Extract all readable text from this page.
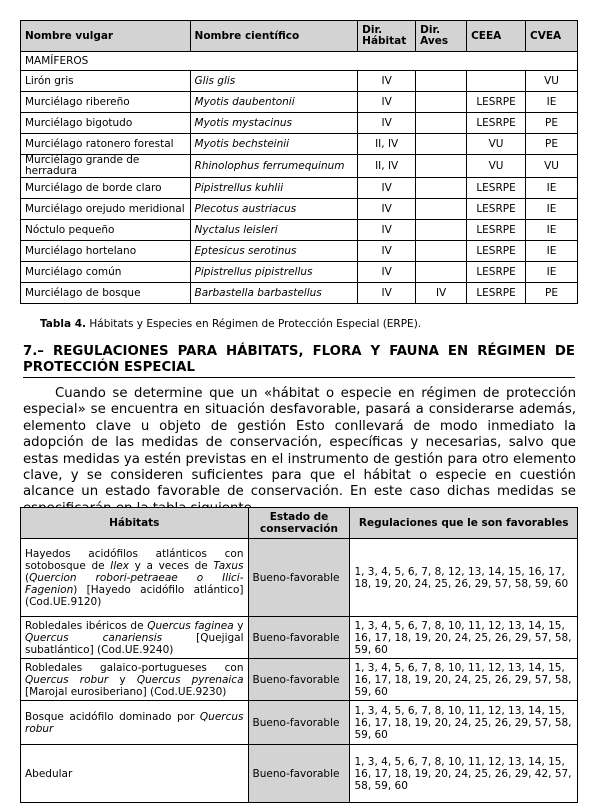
Nombre vulgar	Nombre científico	Dir. Hábitat	Dir. Aves	CEEA	CVEA
MAMÍFEROS					
Lirón gris	Glis glis	IV			VU
Murciélago ribereño	Myotis daubentonii	IV		LESRPE	IE
Murciélago bigotudo	Myotis mystacinus	IV		LESRPE	PE
Murciélago ratonero forestal	Myotis bechsteinii	II, IV		VU	PE
Murciélago grande de herradura	Rhinolophus ferrumequinum	II, IV		VU	VU
Murciélago de borde claro	Pipistrellus kuhlii	IV		LESRPE	IE
Murciélago orejudo meridional	Plecotus austriacus	IV		LESRPE	IE
Nóctulo pequeño	Nyctalus leisleri	IV		LESRPE	IE
Murciélago hortelano	Eptesicus serotinus	IV		LESRPE	IE
Murciélago común	Pipistrellus pipistrellus	IV		LESRPE	IE
Murciélago de bosque	Barbastella barbastellus	IV	IV	LESRPE	PE
Tabla 4. Hábitats y Especies en Régimen de Protección Especial (ERPE).
7.– REGULACIONES PARA HÁBITATS, FLORA Y FAUNA EN RÉGIMEN DE PROTECCIÓN ESPECIAL
Cuando se determine que un «hábitat o especie en régimen de protección especial» se encuentra en situación desfavorable, pasará a considerarse además, elemento clave u objeto de gestión Esto conllevará de modo inmediato la adopción de las medidas de conservación, específicas y necesarias, salvo que estas medidas ya estén previstas en el instrumento de gestión para otro elemento clave, y se consideren suficientes para que el hábitat o especie en cuestión alcance un estado favorable de conservación. En este caso dichas medidas se
Hábitats	Estado de conservación	Regulaciones que le son favorables
Hayedos acidófilos atlánticos con sotobosque de Ilex y a veces de Taxus (Quercion robori-petraeae o Ilici-Fagenion) [Hayedo acidófilo atlántico] (Cod.UE.9120)	Bueno-favorable	1, 3, 4, 5, 6, 7, 8, 12, 13, 14, 15, 16, 17, 18, 19, 20, 24, 25, 26, 29, 57, 58, 59, 60
Robledales ibéricos de Quercus faginea y Quercus canariensis [Quejigal subatlántico] (Cod.UE.9240)	Bueno-favorable	1, 3, 4, 5, 6, 7, 8, 10, 11, 12, 13, 14, 15, 16, 17, 18, 19, 20, 24, 25, 26, 29, 57, 58, 59, 60
Robledales galaico-portugueses con Quercus robur y Quercus pyrenaica [Marojal eurosiberiano] (Cod.UE.9230)	Bueno-favorable	1, 3, 4, 5, 6, 7, 8, 10, 11, 12, 13, 14, 15, 16, 17, 18, 19, 20, 24, 25, 26, 29, 57, 58, 59, 60
Bosque acidófilo dominado por Quercus robur	Bueno-favorable	1, 3, 4, 5, 6, 7, 8, 10, 11, 12, 13, 14, 15, 16, 17, 18, 19, 20, 24, 25, 26, 29, 57, 58, 59, 60
Abedular	Bueno-favorable	1, 3, 4, 5, 6, 7, 8, 10, 11, 12, 13, 14, 15, 16, 17, 18, 19, 20, 24, 25, 26, 29, 42, 57, 58, 59, 60
